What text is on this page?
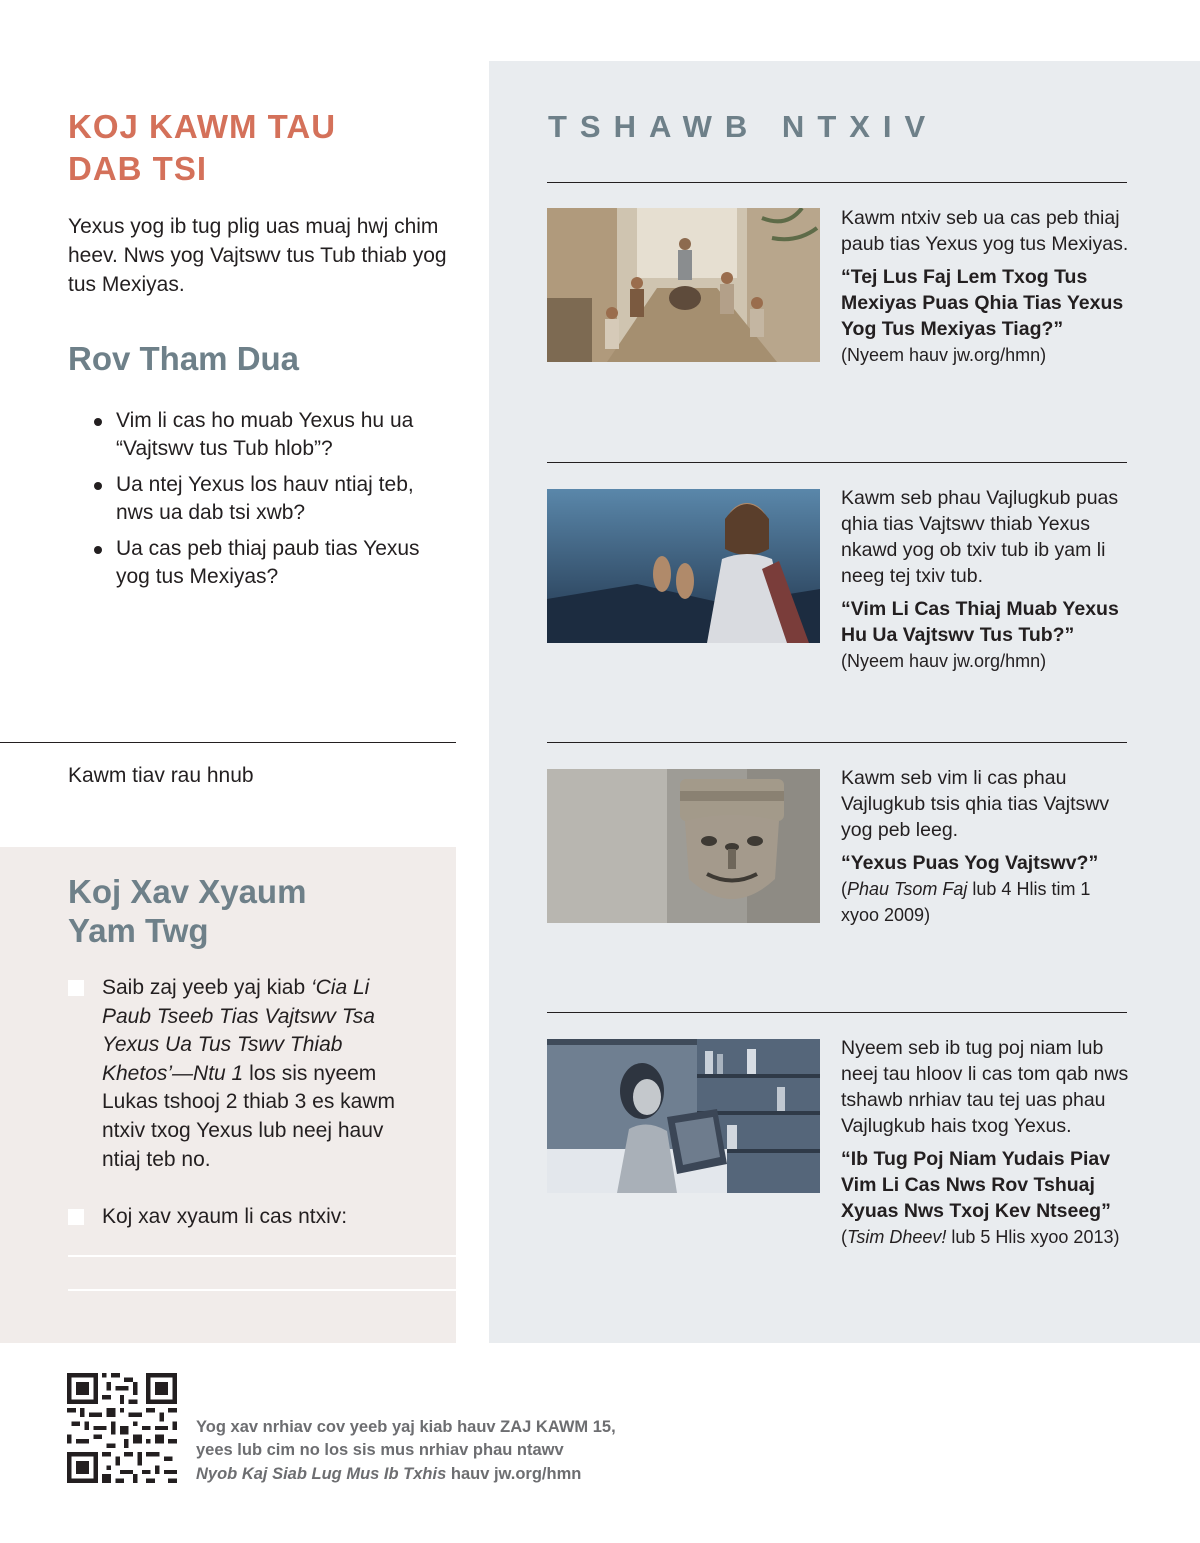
KOJ KAWM TAU
DAB TSI

Yexus yog ib tug plig uas muaj hwj chim heev. Nws yog Vajtswv tus Tub thiab yog tus Mexiyas.

Rov Tham Dua
Vim li cas ho muab Yexus hu ua “Vajtswv tus Tub hlob”?
Ua ntej Yexus los hauv ntiaj teb, nws ua dab tsi xwb?
Ua cas peb thiaj paub tias Yexus yog tus Mexiyas?
Kawm tiav rau hnub
Koj Xav Xyaum
Yam Twg
Saib zaj yeeb yaj kiab ‘Cia Li Paub Tseeb Tias Vajtswv Tsa Yexus Ua Tus Tswv Thiab Khetos’—Ntu 1 los sis nyeem Lukas tshooj 2 thiab 3 es kawm ntxiv txog Yexus lub neej hauv ntiaj teb no.
Koj xav xyaum li cas ntxiv:
TSHAWB NTXIV

Kawm ntxiv seb ua cas peb thiaj paub tias Yexus yog tus Mexiyas.

“Tej Lus Faj Lem Txog Tus Mexiyas Puas Qhia Tias Yexus Yog Tus Mexiyas Tiag?”

(Nyeem hauv jw.org/hmn)

Kawm seb phau Vajlugkub puas qhia tias Vajtswv thiab Yexus nkawd yog ob txiv tub ib yam li neeg tej txiv tub.

“Vim Li Cas Thiaj Muab Yexus Hu Ua Vajtswv Tus Tub?”

(Nyeem hauv jw.org/hmn)

Kawm seb vim li cas phau Vajlugkub tsis qhia tias Vajtswv yog peb leeg.

“Yexus Puas Yog Vajtswv?”

(Phau Tsom Faj lub 4 Hlis tim 1 xyoo 2009)

Nyeem seb ib tug poj niam lub neej tau hloov li cas tom qab nws tshawb nrhiav tau tej uas phau Vajlugkub hais txog Yexus.

“Ib Tug Poj Niam Yudais Piav Vim Li Cas Nws Rov Tshuaj Xyuas Nws Txoj Kev Ntseeg”

(Tsim Dheev! lub 5 Hlis xyoo 2013)

Yog xav nrhiav cov yeeb yaj kiab hauv ZAJ KAWM 15,
yees lub cim no los sis mus nrhiav phau ntawv
Nyob Kaj Siab Lug Mus Ib Txhis hauv jw.org/hmn
